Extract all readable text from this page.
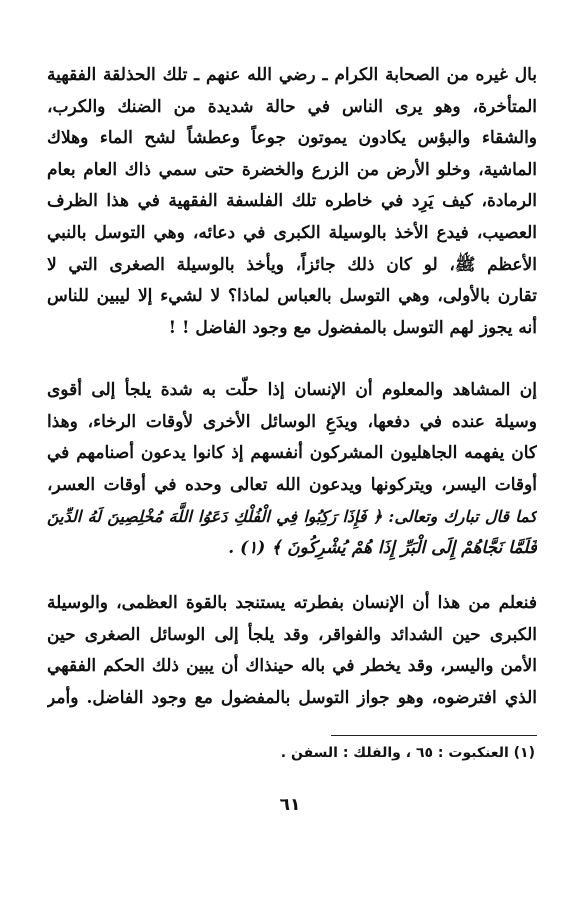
بال غيره من الصحابة الكرام ـ رضي الله عنهم ـ تلك الحذلقة الفقهية
المتأخرة، وهو يرى الناس في حالة شديدة من الضنك والكرب،
والشقاء والبؤس يكادون يموتون جوعاً وعطشاً لشح الماء وهلاك
الماشية، وخلو الأرض من الزرع والخضرة حتى سمي ذاك العام بعام
الرمادة، كيف يَرِد في خاطره تلك الفلسفة الفقهية في هذا الظرف
العصيب، فيدع الأخذ بالوسيلة الكبرى في دعائه، وهي التوسل بالنبي
الأعظم ﷺ، لو كان ذلك جائزاً، ويأخذ بالوسيلة الصغرى التي لا
تقارن بالأولى، وهي التوسل بالعباس لماذا؟ لا لشيء إلا ليبين للناس
أنه يجوز لهم التوسل بالمفضول مع وجود الفاضل ! !
إن المشاهد والمعلوم أن الإنسان إذا حلّت به شدة يلجأ إلى أقوى
وسيلة عنده في دفعها، ويدَعِ الوسائل الأخرى لأوقات الرخاء، وهذا
كان يفهمه الجاهليون المشركون أنفسهم إذ كانوا يدعون أصنامهم في
أوقات اليسر، ويتركونها ويدعون الله تعالى وحده في أوقات العسر،
كما قال تبارك وتعالى: ﴿ فَإِذَا رَكِبُوا فِي الْفُلْكِ دَعَوُا اللَّهَ مُخْلِصِينَ لَهُ الدِّينَ
فَلَمَّا نَجَّاهُمْ إِلَى الْبَرِّ إِذَا هُمْ يُشْرِكُونَ ﴾ (١) .
فنعلم من هذا أن الإنسان بفطرته يستنجد بالقوة العظمى، والوسيلة
الكبرى حين الشدائد والفواقر، وقد يلجأ إلى الوسائل الصغرى حين
الأمن واليسر، وقد يخطر في باله حينذاك أن يبين ذلك الحكم الفقهي
الذي افترضوه، وهو جواز التوسل بالمفضول مع وجود الفاضل. وأمر
(١) العنكبوت : ٦٥ ، والفلك : السفن .
٦١
